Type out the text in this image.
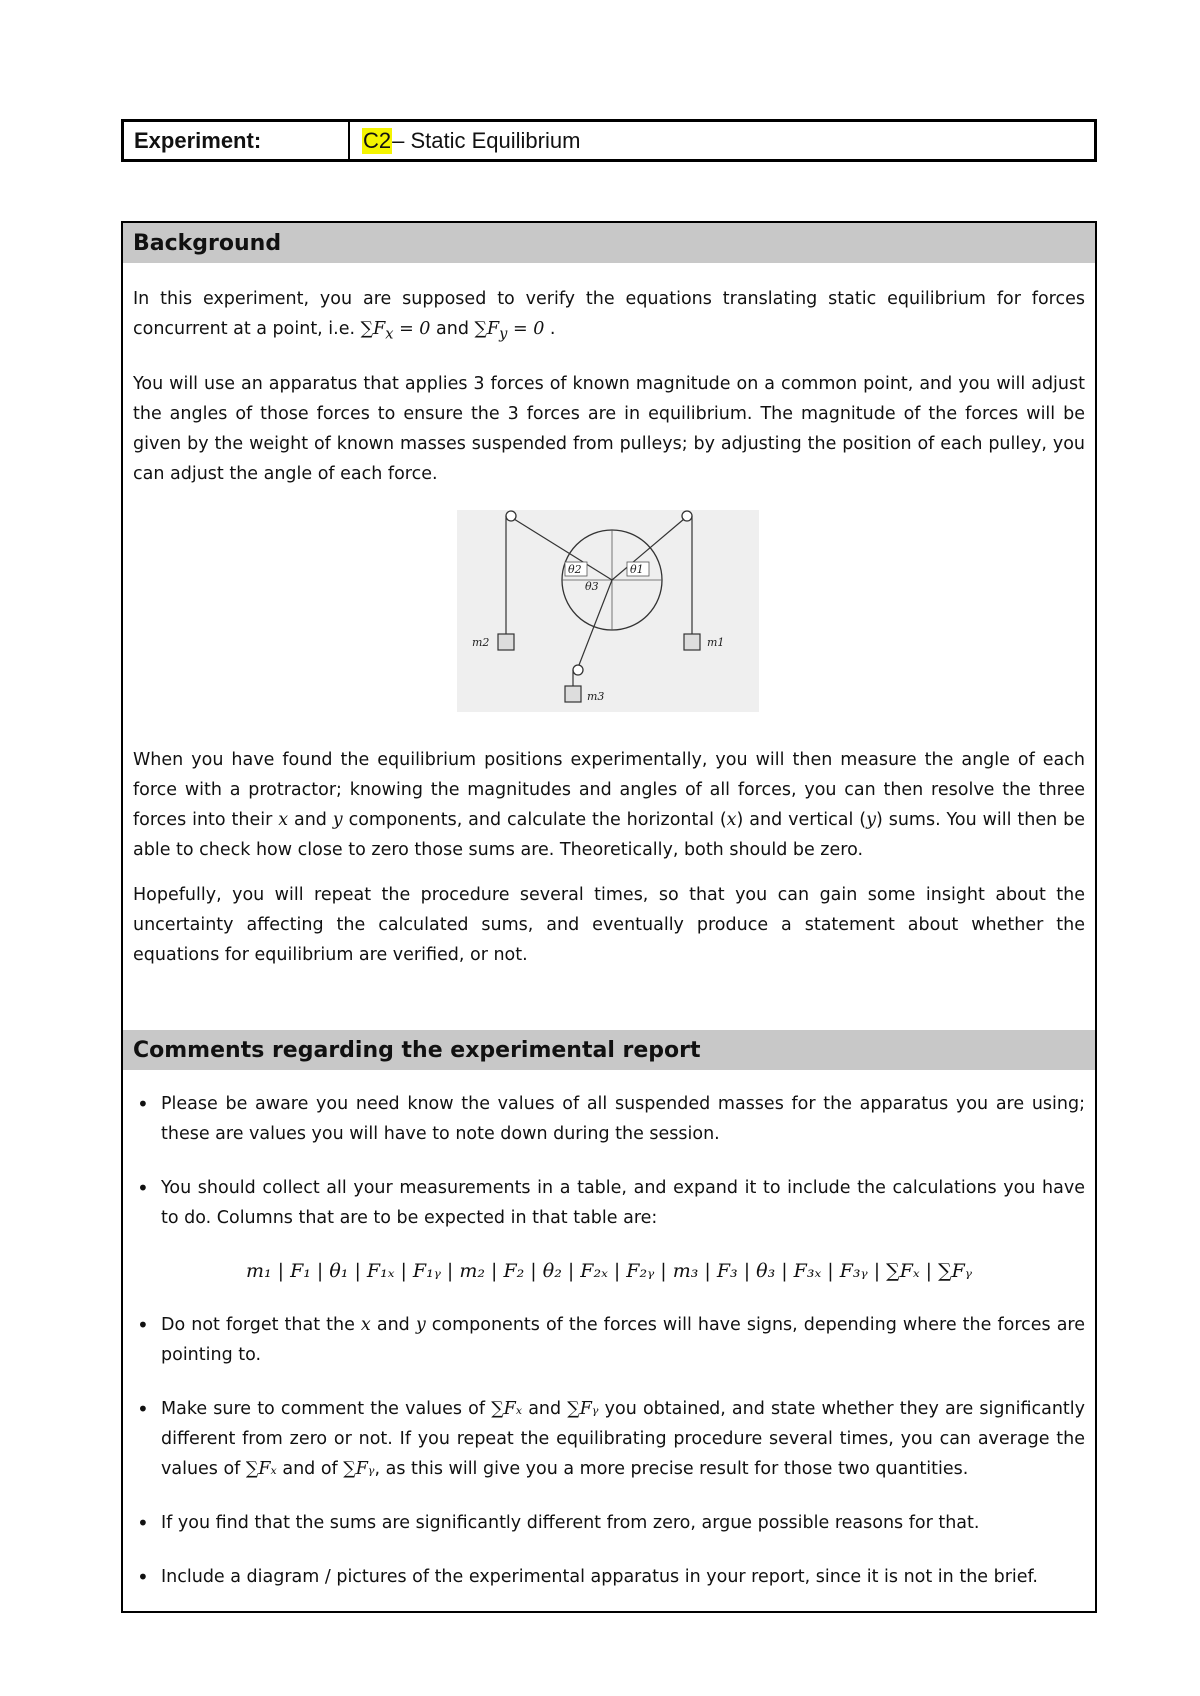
Experiment:	C2 – Static Equilibrium
Background

In this experiment, you are supposed to verify the equations translating static equilibrium for forces concurrent at a point, i.e. $\sum F_x = 0$ and $\sum F_y = 0$ .

You will use an apparatus that applies 3 forces of known magnitude on a common point, and you will adjust the angles of those forces to ensure the 3 forces are in equilibrium. The magnitude of the forces will be given by the weight of known masses suspended from pulleys; by adjusting the position of each pulley, you can adjust the angle of each force.

θ2	θ1
θ3
m2	m1
m3

When you have found the equilibrium positions experimentally, you will then measure the angle of each force with a protractor; knowing the magnitudes and angles of all forces, you can then resolve the three forces into their x and y components, and calculate the horizontal (x) and vertical (y) sums. You will then be able to check how close to zero those sums are. Theoretically, both should be zero.

Hopefully, you will repeat the procedure several times, so that you can gain some insight about the uncertainty affecting the calculated sums, and eventually produce a statement about whether the equations for equilibrium are verified, or not.

Comments regarding the experimental report
• Please be aware you need know the values of all suspended masses for the apparatus you are using; these are values you will have to note down during the session.
• You should collect all your measurements in a table, and expand it to include the calculations you have to do. Columns that are to be expected in that table are:
m₁ | F₁ | θ₁ | F₁ₓ | F₁ᵧ | m₂ | F₂ | θ₂ | F₂ₓ | F₂ᵧ | m₃ | F₃ | θ₃ | F₃ₓ | F₃ᵧ | ∑Fₓ | ∑Fᵧ
• Do not forget that the x and y components of the forces will have signs, depending where the forces are pointing to.
• Make sure to comment the values of ∑Fₓ and ∑Fᵧ you obtained, and state whether they are significantly different from zero or not. If you repeat the equilibrating procedure several times, you can average the values of ∑Fₓ and of ∑Fᵧ, as this will give you a more precise result for those two quantities.
• If you find that the sums are significantly different from zero, argue possible reasons for that.
• Include a diagram / pictures of the experimental apparatus in your report, since it is not in the brief.
